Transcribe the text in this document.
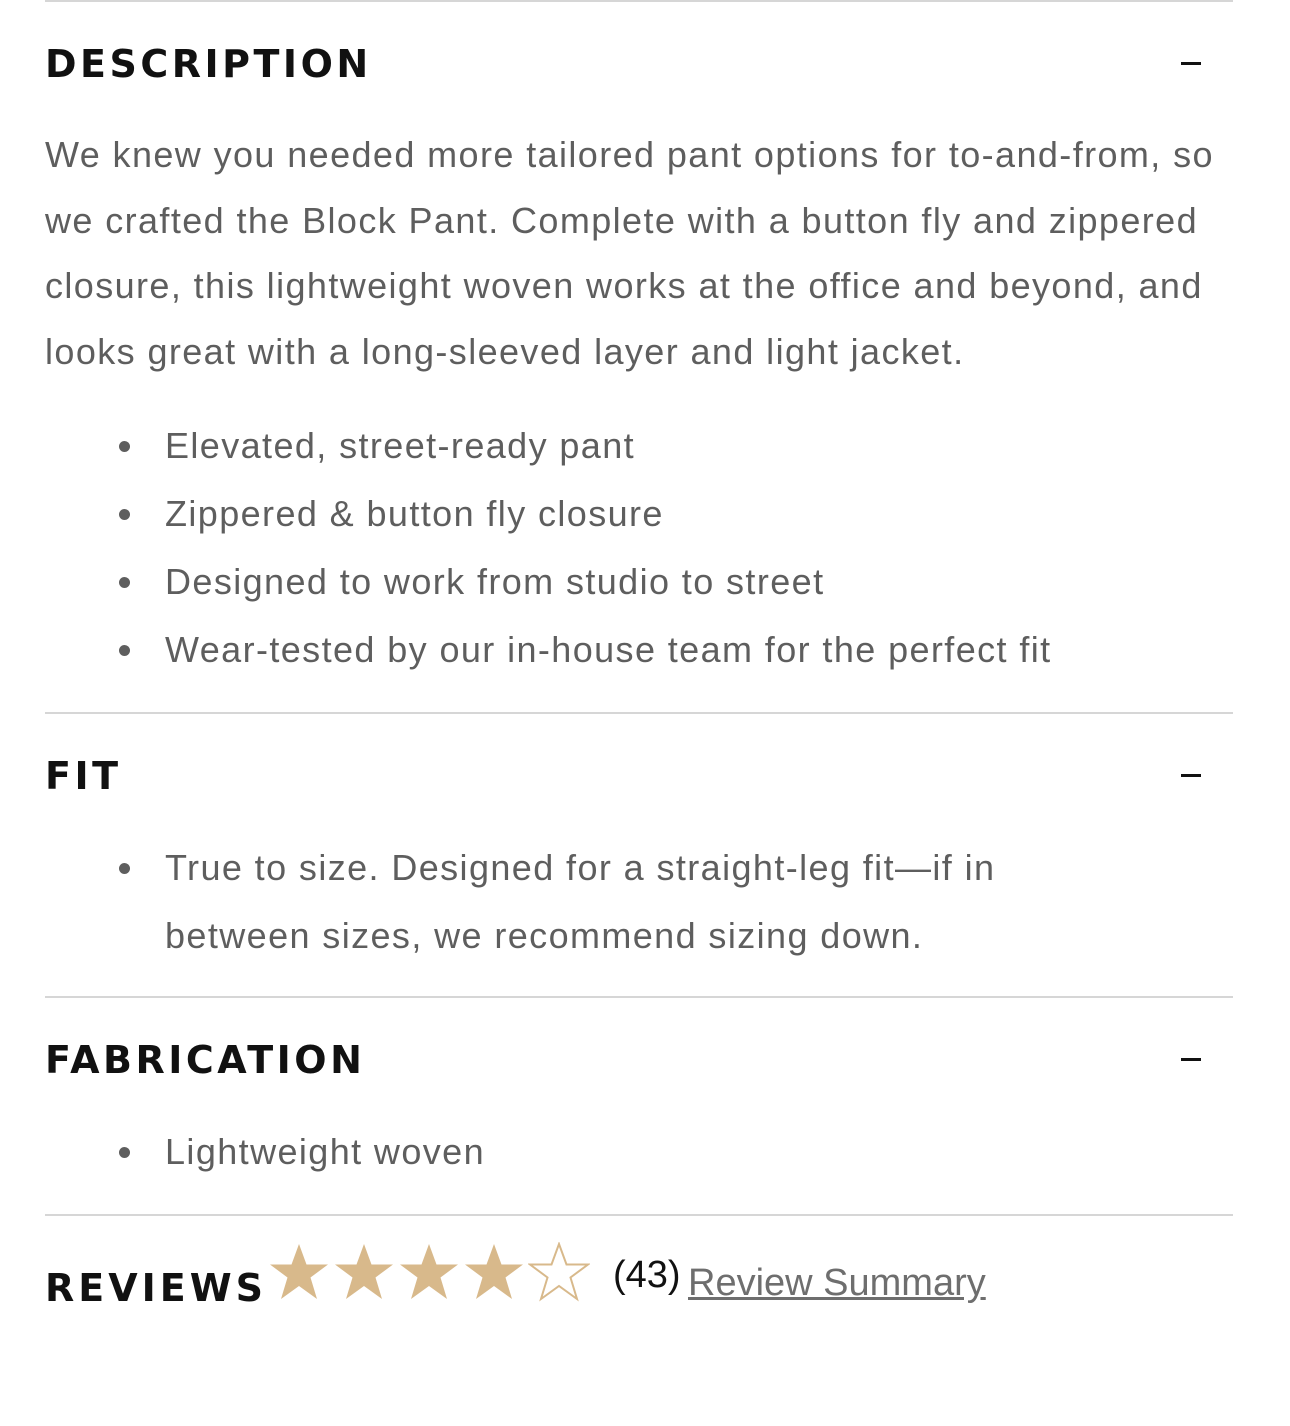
DESCRIPTION

We knew you needed more tailored pant options for to-and-from, so we crafted the Block Pant. Complete with a button fly and zippered closure, this lightweight woven works at the office and beyond, and looks great with a long-sleeved layer and light jacket.

Elevated, street-ready pant
Zippered & button fly closure
Designed to work from studio to street
Wear-tested by our in-house team for the perfect fit
FIT
True to size. Designed for a straight-leg fit—if in between sizes, we recommend sizing down.
FABRICATION
Lightweight woven
REVIEWS	(43) Review Summary
